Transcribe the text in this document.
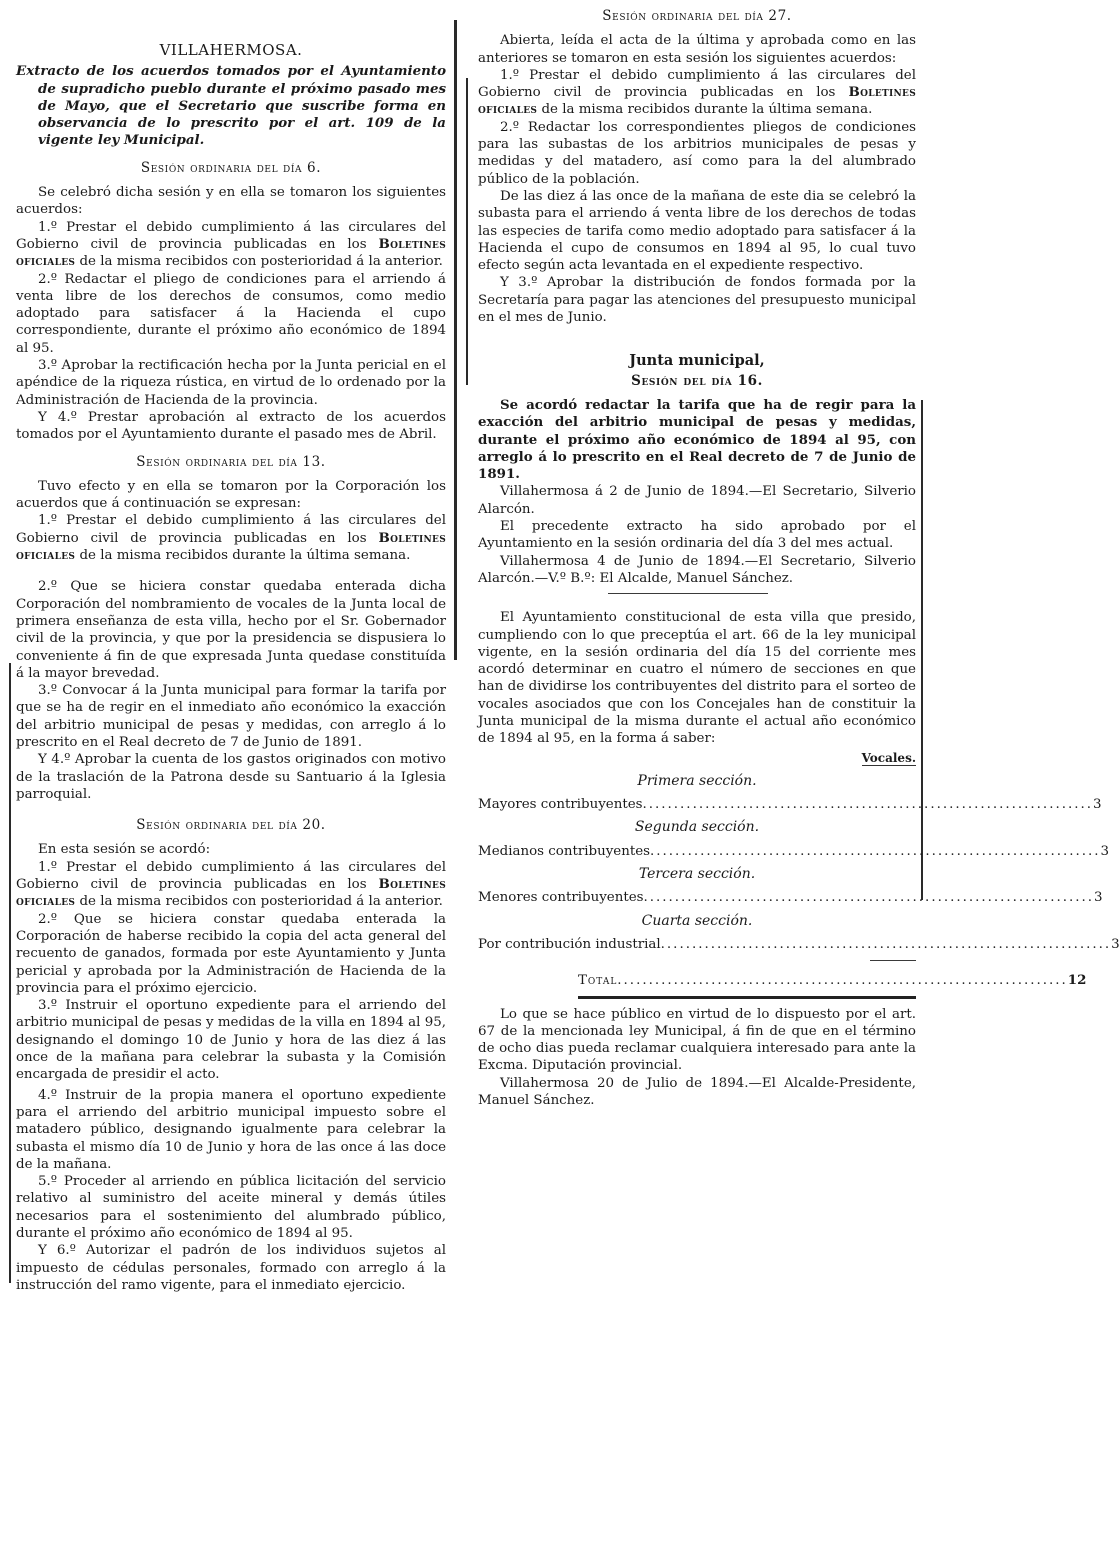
VILLAHERMOSA.

Extracto de los acuerdos tomados por el Ayuntamiento de supradicho pueblo durante el próximo pasado mes de Mayo, que el Secretario que suscribe forma en observancia de lo prescrito por el art. 109 de la vigente ley Municipal.

Sesión ordinaria del día 6.

Se celebró dicha sesión y en ella se tomaron los siguientes acuerdos:

1.º Prestar el debido cumplimiento á las circulares del Gobierno civil de provincia publicadas en los Boletines oficiales de la misma recibidos con posterioridad á la anterior.

2.º Redactar el pliego de condiciones para el arriendo á venta libre de los derechos de consumos, como medio adoptado para satisfacer á la Hacienda el cupo correspondiente, durante el próximo año económico de 1894 al 95.

3.º Aprobar la rectificación hecha por la Junta pericial en el apéndice de la riqueza rústica, en virtud de lo ordenado por la Administración de Hacienda de la provincia.

Y 4.º Prestar aprobación al extracto de los acuerdos tomados por el Ayuntamiento durante el pasado mes de Abril.

Sesión ordinaria del día 13.

Tuvo efecto y en ella se tomaron por la Corporación los acuerdos que á continuación se expresan:

1.º Prestar el debido cumplimiento á las circulares del Gobierno civil de provincia publicadas en los Boletines oficiales de la misma recibidos durante la última semana.

2.º Que se hiciera constar quedaba enterada dicha Corporación del nombramiento de vocales de la Junta local de primera enseñanza de esta villa, hecho por el Sr. Gobernador civil de la provincia, y que por la presidencia se dispusiera lo conveniente á fin de que expresada Junta quedase constituída á la mayor brevedad.

3.º Convocar á la Junta municipal para formar la tarifa por que se ha de regir en el inmediato año económico la exacción del arbitrio municipal de pesas y medidas, con arreglo á lo prescrito en el Real decreto de 7 de Junio de 1891.

Y 4.º Aprobar la cuenta de los gastos originados con motivo de la traslación de la Patrona desde su Santuario á la Iglesia parroquial.

Sesión ordinaria del día 20.

En esta sesión se acordó:

1.º Prestar el debido cumplimiento á las circulares del Gobierno civil de provincia publicadas en los Boletines oficiales de la misma recibidos con posterioridad á la anterior.

2.º Que se hiciera constar quedaba enterada la Corporación de haberse recibido la copia del acta general del recuento de ganados, formada por este Ayuntamiento y Junta pericial y aprobada por la Administración de Hacienda de la provincia para el próximo ejercicio.

3.º Instruir el oportuno expediente para el arriendo del arbitrio municipal de pesas y medidas de la villa en 1894 al 95, designando el domingo 10 de Junio y hora de las diez á las once de la mañana para celebrar la subasta y la Comisión encargada de presidir el acto.

4.º Instruir de la propia manera el oportuno expediente para el arriendo del arbitrio municipal impuesto sobre el matadero público, designando igualmente para celebrar la subasta el mismo día 10 de Junio y hora de las once á las doce de la mañana.

5.º Proceder al arriendo en pública licitación del servicio relativo al suministro del aceite mineral y demás útiles necesarios para el sostenimiento del alumbrado público, durante el próximo año económico de 1894 al 95.

Y 6.º Autorizar el padrón de los individuos sujetos al impuesto de cédulas personales, formado con arreglo á la instrucción del ramo vigente, para el inmediato ejercicio.

Sesión ordinaria del día 27.

Abierta, leída el acta de la última y aprobada como en las anteriores se tomaron en esta sesión los siguientes acuerdos:

1.º Prestar el debido cumplimiento á las circulares del Gobierno civil de provincia publicadas en los Boletines oficiales de la misma recibidos durante la última semana.

2.º Redactar los correspondientes pliegos de condiciones para las subastas de los arbitrios municipales de pesas y medidas y del matadero, así como para la del alumbrado público de la población.

De las diez á las once de la mañana de este dia se celebró la subasta para el arriendo á venta libre de los derechos de todas las especies de tarifa como medio adoptado para satisfacer á la Hacienda el cupo de consumos en 1894 al 95, lo cual tuvo efecto según acta levantada en el expediente respectivo.

Y 3.º Aprobar la distribución de fondos formada por la Secretaría para pagar las atenciones del presupuesto municipal en el mes de Junio.

Junta municipal,
Sesión del día 16.

Se acordó redactar la tarifa que ha de regir para la exacción del arbitrio municipal de pesas y medidas, durante el próximo año económico de 1894 al 95, con arreglo á lo prescrito en el Real decreto de 7 de Junio de 1891.

Villahermosa á 2 de Junio de 1894.—El Secretario, Silverio Alarcón.

El precedente extracto ha sido aprobado por el Ayuntamiento en la sesión ordinaria del día 3 del mes actual.

Villahermosa 4 de Junio de 1894.—El Secretario, Silverio Alarcón.—V.º B.º: El Alcalde, Manuel Sánchez.

El Ayuntamiento constitucional de esta villa que presido, cumpliendo con lo que preceptúa el art. 66 de la ley municipal vigente, en la sesión ordinaria del día 15 del corriente mes acordó determinar en cuatro el número de secciones en que han de dividirse los contribuyentes del distrito para el sorteo de vocales asociados que con los Concejales han de constituir la Junta municipal de la misma durante el actual año económico de 1894 al 95, en la forma á saber:

Vocales.
Primera sección.
Mayores contribuyentes ........................................................................ 3
Segunda sección.
Medianos contribuyentes ........................................................................ 3
Tercera sección.
Menores contribuyentes ........................................................................ 3
Cuarta sección.
Por contribución industrial ........................................................................ 3
Total ........................................................................ 12

Lo que se hace público en virtud de lo dispuesto por el art. 67 de la mencionada ley Municipal, á fin de que en el término de ocho dias pueda reclamar cualquiera interesado para ante la Excma. Diputación provincial.

Villahermosa 20 de Julio de 1894.—El Alcalde-Presidente, Manuel Sánchez.
